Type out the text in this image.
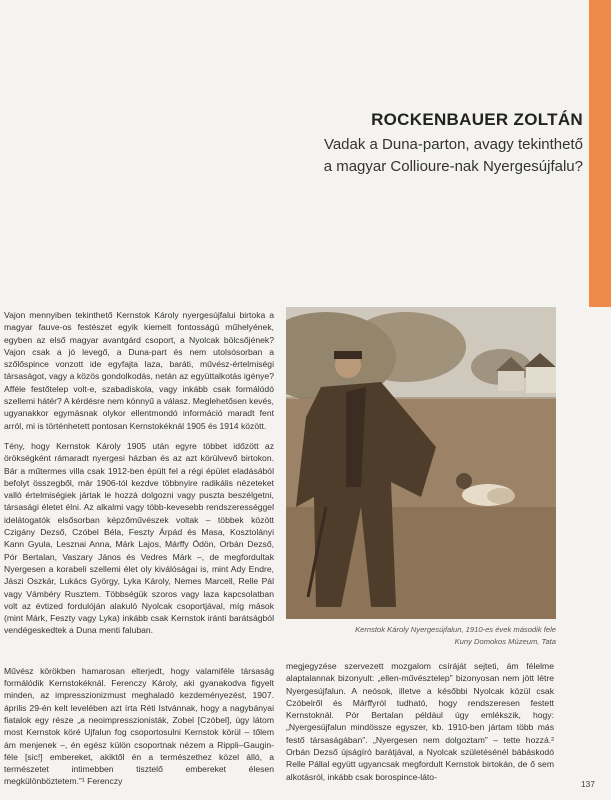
ROCKENBAUER ZOLTÁN
Vadak a Duna-parton, avagy tekinthető
a magyar Collioure-nak Nyergesújfalu?

Vajon mennyiben tekinthető Kernstok Károly nyergesújfalui birtoka a magyar fauve-os festészet egyik kiemelt fontosságú műhelyének, egyben az első magyar avantgárd csoport, a Nyolcak bölcsőjének? Vajon csak a jó levegő, a Duna-part és nem utolsósorban a szőlőspince vonzott ide egyfajta laza, baráti, művész-értelmiségi társaságot, vagy a közös gondolkodás, netán az együttalkotás igénye? Afféle festőtelep volt-e, szabadiskola, vagy inkább csak formálódó szellemi hátér? A kérdésre nem könnyű a válasz. Meglehetősen kevés, ugyanakkor egymásnak olykor ellentmondó információ maradt fent arról, mi is történhetett pontosan Kernstokéknál 1905 és 1914 között.

Tény, hogy Kernstok Károly 1905 után egyre többet időzött az örökségként rámaradt nyergesi házban és az azt körülvevő birtokon. Bár a műtermes villa csak 1912-ben épült fel a régi épület eladásából befolyt összegből, már 1906-tól kezdve többnyire radikális nézeteket valló értelmiségiek jártak le hozzá dolgozni vagy puszta beszélgetni, társasági életet élni. Az alkalmi vagy több-kevesebb rendszerességgel idelátogatók elsősorban képzőművészek voltak – többek között Czigány Dezső, Czóbel Béla, Feszty Árpád és Masa, Kosztolányi Kann Gyula, Lesznai Anna, Márk Lajos, Márffy Ödön, Orbán Dezső, Pór Bertalan, Vaszary János és Vedres Márk –, de megfordultak Nyergesen a korabeli szellemi élet oly kiválóságai is, mint Ady Endre, Jászi Oszkár, Lukács György, Lyka Károly, Nemes Marcell, Relle Pál vagy Vámbéry Rusztem. Többségük szoros vagy laza kapcsolatban volt az évtized fordulóján alakuló Nyolcak csoportjával, míg mások (mint Márk, Feszty vagy Lyka) inkább csak Kernstok iránti barátságból vendégeskedtek a Duna menti faluban.

Művész körökben hamarosan elterjedt, hogy valamiféle társaság formálódik Kernstokéknál. Ferenczy Károly, aki gyanakodva figyelt minden, az impresszionizmust meghaladó kezdeményezést, 1907. április 29-én kelt levelében azt írta Réti Istvánnak, hogy a nagybányai fiatalok egy része „a neoimpresszionisták, Zobel [Czóbel], úgy látom most Kernstok köré Ujfalun fog csoportosulni Kernstok körül – tőlem ám menjenek –, én egész külön csoportnak nézem a Rippli–Gaugin-féle [sic!] embereket, akiktől én a természethez közel álló, a természetet intimebben tisztelő embereket élesen megkülönböztetem.”¹ Ferenczy

Kernstok Károly Nyergesújfalun, 1910-es évek második fele
Kuny Domokos Múzeum, Tata

megjegyzése szervezett mozgalom csíráját sejteti, ám félelme alaptalannak bizonyult: „ellen-művésztelep” bizonyosan nem jött létre Nyergesújfalun. A neósok, illetve a későbbi Nyolcak közül csak Czóbelről és Márffyról tudható, hogy rendszeresen festett Kernstoknál. Pór Bertalan például úgy emlékszik, hogy: „Nyergesújfalun mindössze egyszer, kb. 1910-ben jártam több más festő társaságában”. „Nyergesen nem dolgoztam” – tette hozzá.² Orbán Dezső újságíró barátjával, a Nyolcak születésénél bábáskodó Relle Pállal együtt ugyancsak megfordult Kernstok birtokán, de ő sem alkotásról, inkább csak borospince-láto-

137
